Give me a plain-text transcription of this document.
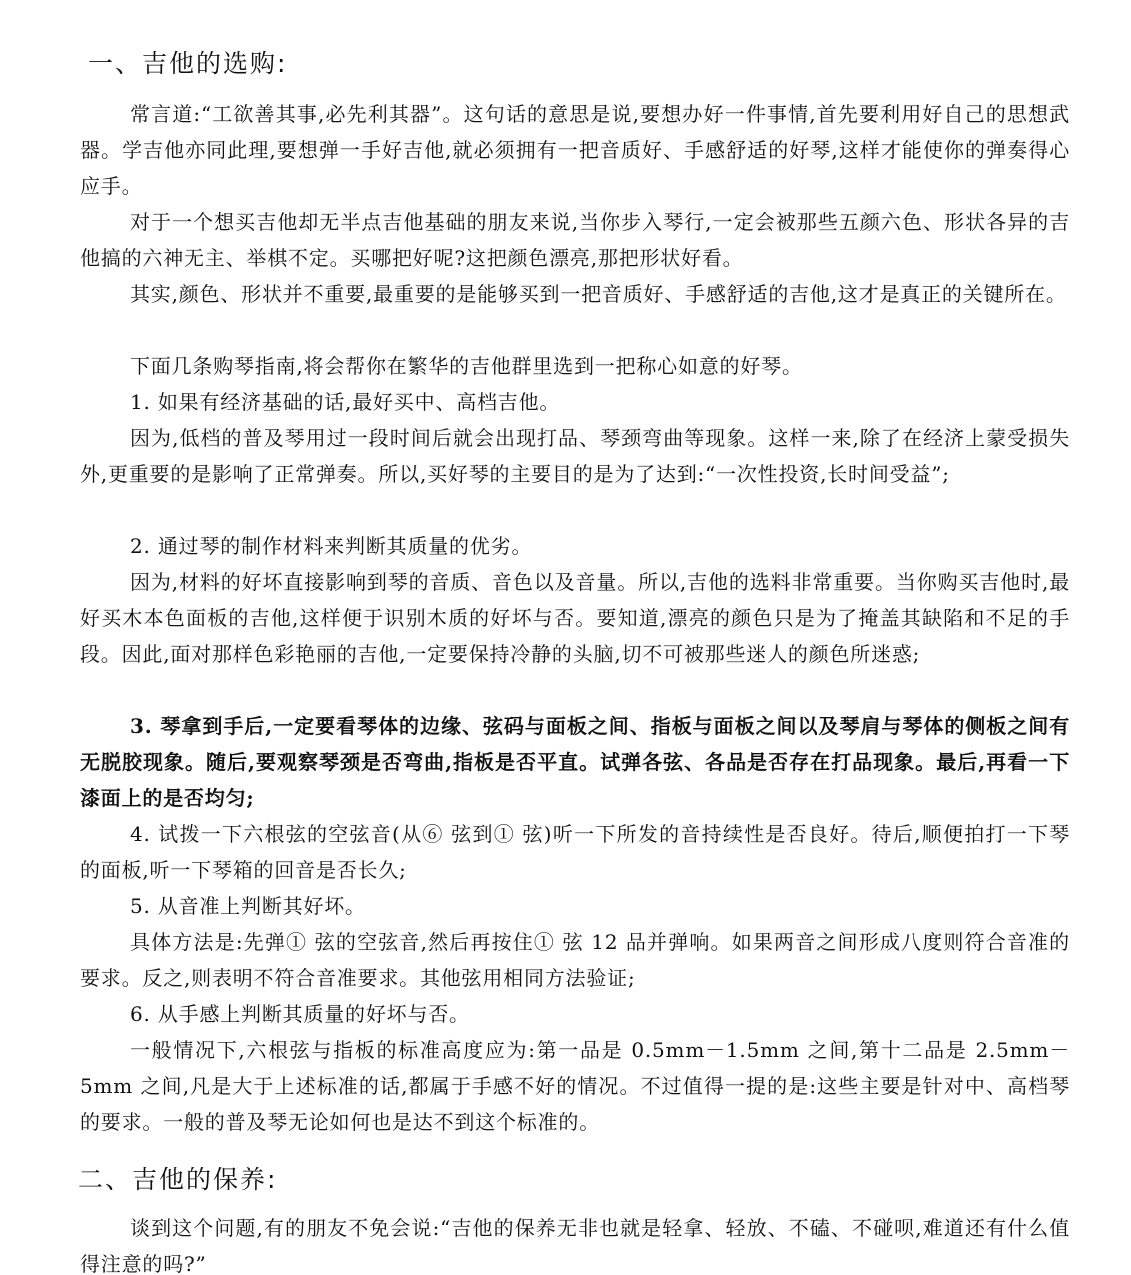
一、吉他的选购:

常言道:“工欲善其事,必先利其器”。这句话的意思是说,要想办好一件事情,首先要利用好自己的思想武器。学吉他亦同此理,要想弹一手好吉他,就必须拥有一把音质好、手感舒适的好琴,这样才能使你的弹奏得心应手。

对于一个想买吉他却无半点吉他基础的朋友来说,当你步入琴行,一定会被那些五颜六色、形状各异的吉他搞的六神无主、举棋不定。买哪把好呢?这把颜色漂亮,那把形状好看。

其实,颜色、形状并不重要,最重要的是能够买到一把音质好、手感舒适的吉他,这才是真正的关键所在。

下面几条购琴指南,将会帮你在繁华的吉他群里选到一把称心如意的好琴。

1. 如果有经济基础的话,最好买中、高档吉他。

因为,低档的普及琴用过一段时间后就会出现打品、琴颈弯曲等现象。这样一来,除了在经济上蒙受损失外,更重要的是影响了正常弹奏。所以,买好琴的主要目的是为了达到:“一次性投资,长时间受益”;

2. 通过琴的制作材料来判断其质量的优劣。

因为,材料的好坏直接影响到琴的音质、音色以及音量。所以,吉他的选料非常重要。当你购买吉他时,最好买木本色面板的吉他,这样便于识别木质的好坏与否。要知道,漂亮的颜色只是为了掩盖其缺陷和不足的手段。因此,面对那样色彩艳丽的吉他,一定要保持冷静的头脑,切不可被那些迷人的颜色所迷惑;

3. 琴拿到手后,一定要看琴体的边缘、弦码与面板之间、指板与面板之间以及琴肩与琴体的侧板之间有无脱胶现象。随后,要观察琴颈是否弯曲,指板是否平直。试弹各弦、各品是否存在打品现象。最后,再看一下漆面上的是否均匀;

4. 试拨一下六根弦的空弦音(从⑥ 弦到① 弦)听一下所发的音持续性是否良好。待后,顺便拍打一下琴的面板,听一下琴箱的回音是否长久;

5. 从音准上判断其好坏。

具体方法是:先弹① 弦的空弦音,然后再按住① 弦 12 品并弹响。如果两音之间形成八度则符合音准的要求。反之,则表明不符合音准要求。其他弦用相同方法验证;

6. 从手感上判断其质量的好坏与否。

一般情况下,六根弦与指板的标准高度应为:第一品是 0.5mm－1.5mm 之间,第十二品是 2.5mm－5mm 之间,凡是大于上述标准的话,都属于手感不好的情况。不过值得一提的是:这些主要是针对中、高档琴的要求。一般的普及琴无论如何也是达不到这个标准的。

二、吉他的保养:

谈到这个问题,有的朋友不免会说:“吉他的保养无非也就是轻拿、轻放、不磕、不碰呗,难道还有什么值得注意的吗?”
